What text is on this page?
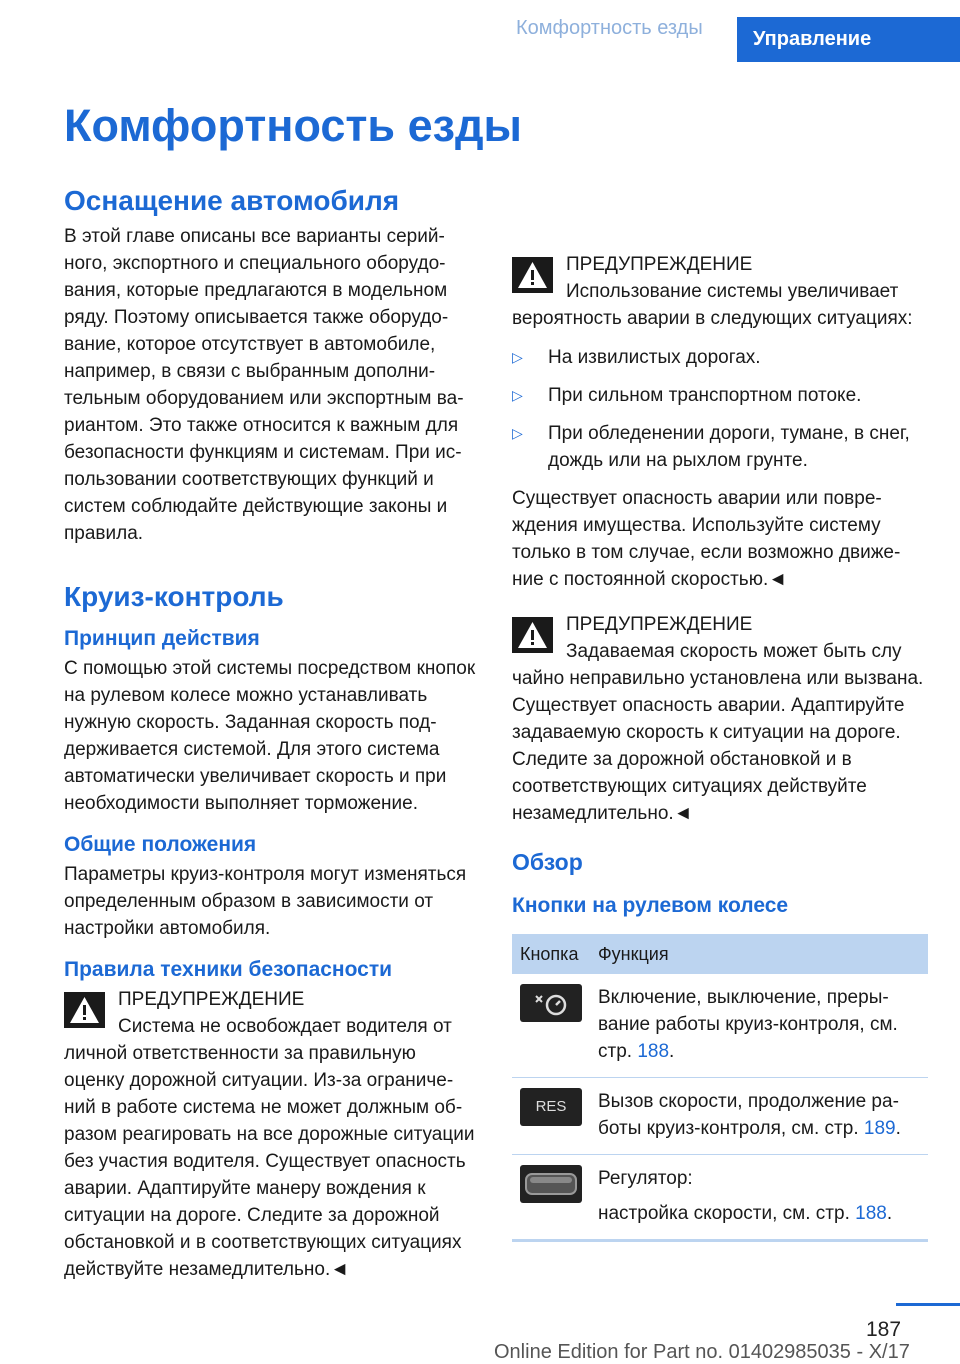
Комфортность езды	Управление
Комфортность езды
Оснащение автомобиля

В этой главе описаны все варианты серийного, экспортного и специального оборудования, которые предлагаются в модельном ряду. Поэтому описывается также оборудование, которое отсутствует в автомобиле, например, в связи с выбранным дополнительным оборудованием или экспортным вариантом. Это также относится к важным для безопасности функциям и системам. При использовании соответствующих функций и систем соблюдайте действующие законы и правила.

Круиз-контроль
Принцип действия

С помощью этой системы посредством кнопок на рулевом колесе можно устанавливать нужную скорость. Заданная скорость поддерживается системой. Для этого система автоматически увеличивает скорость и при необходимости выполняет торможение.

Общие положения

Параметры круиз-контроля могут изменяться определенным образом в зависимости от настройки автомобиля.

Правила техники безопасности
ПРЕДУПРЕЖДЕНИЕ

Система не освобождает водителя от

личной ответственности за правильную оценку дорожной ситуации. Из-за ограничений в работе система не может должным образом реагировать на все дорожные ситуации без участия водителя. Существует опасность аварии. Адаптируйте манеру вождения к ситуации на дороге. Следите за дорожной обстановкой и в соответствующих ситуациях действуйте незамедлительно.◄

ПРЕДУПРЕЖДЕНИЕ

Использование системы увеличивает

вероятность аварии в следующих ситуациях:

▷ На извилистых дорогах.
▷ При сильном транспортном потоке.
▷ При обледенении дороги, тумане, в снег, дождь или на рыхлом грунте.

Существует опасность аварии или повреждения имущества. Используйте систему только в том случае, если возможно движение с постоянной скоростью.◄

ПРЕДУПРЕЖДЕНИЕ

Задаваемая скорость может быть слу

чайно неправильно установлена или вызвана. Существует опасность аварии. Адаптируйте задаваемую скорость к ситуации на дороге. Следите за дорожной обстановкой и в соответствующих ситуациях действуйте незамедлительно.◄

Обзор
Кнопки на рулевом колесе
Кнопка	Функция

	Включение, выключение, прерывание работы круиз-контроля, см. стр. 188.

RES	Вызов скорости, продолжение работы круиз-контроля, см. стр. 189.

Регулятор:
настройка скорости, см. стр. 188.
187
Online Edition for Part no. 01402985035 - X/17
